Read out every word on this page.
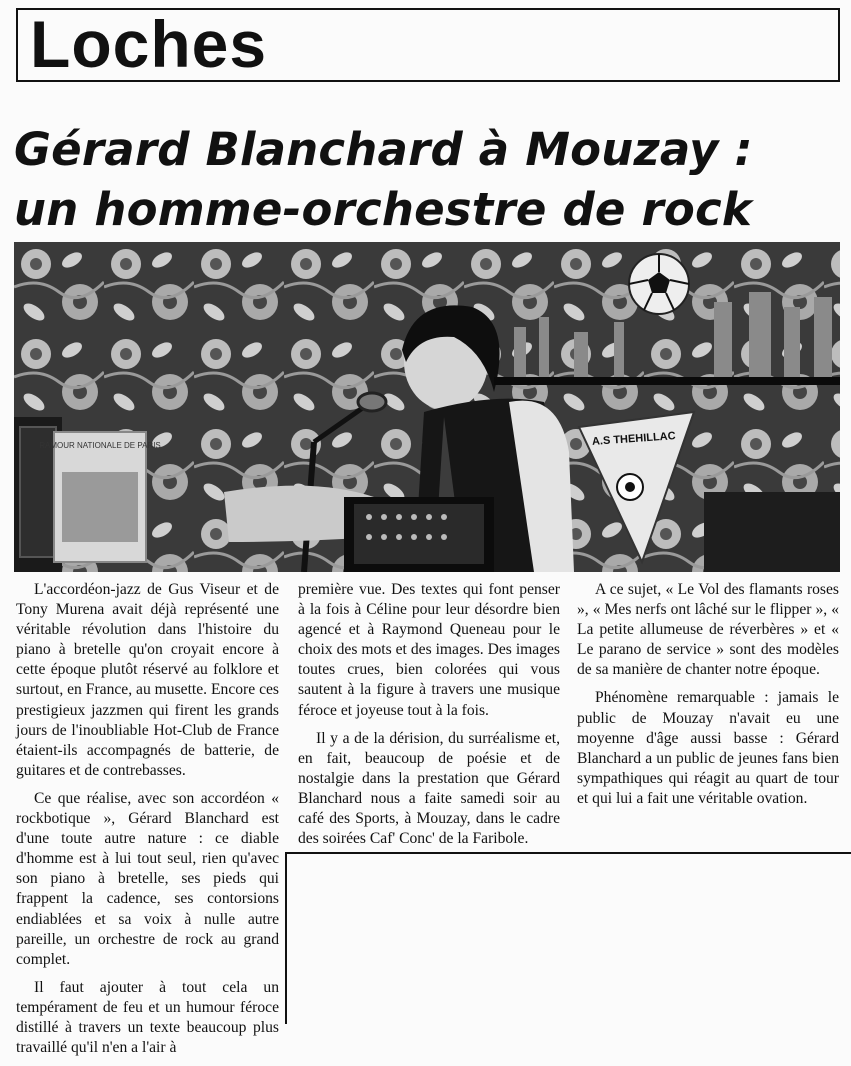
Loches
Gérard Blanchard à Mouzay :
un homme-orchestre de rock
RAMOUR NATIONALE DE PARIS	A.S THEHILLAC

L'accordéon-jazz de Gus Viseur et de Tony Murena avait déjà représenté une véritable révolution dans l'histoire du piano à bretelle qu'on croyait encore à cette époque plutôt réservé au folklore et surtout, en France, au musette. Encore ces prestigieux jazzmen qui firent les grands jours de l'inoubliable Hot-Club de France étaient-ils accompagnés de batterie, de guitares et de contrebasses.

Ce que réalise, avec son accordéon « rockbotique », Gérard Blanchard est d'une toute autre nature : ce diable d'homme est à lui tout seul, rien qu'avec son piano à bretelle, ses pieds qui frappent la cadence, ses contorsions endiablées et sa voix à nulle autre pareille, un orchestre de rock au grand complet.

Il faut ajouter à tout cela un tempérament de feu et un humour féroce distillé à travers un texte beaucoup plus travaillé qu'il n'en a l'air à

première vue. Des textes qui font penser à la fois à Céline pour leur désordre bien agencé et à Raymond Queneau pour le choix des mots et des images. Des images toutes crues, bien colorées qui vous sautent à la figure à travers une musique féroce et joyeuse tout à la fois.

Il y a de la dérision, du surréalisme et, en fait, beaucoup de poésie et de nostalgie dans la prestation que Gérard Blanchard nous a faite samedi soir au café des Sports, à Mouzay, dans le cadre des soirées Caf' Conc' de la Faribole.

A ce sujet, « Le Vol des flamants roses », « Mes nerfs ont lâché sur le flipper », « La petite allumeuse de réverbères » et « Le parano de service » sont des modèles de sa manière de chanter notre époque.

Phénomène remarquable : jamais le public de Mouzay n'avait eu une moyenne d'âge aussi basse : Gérard Blanchard a un public de jeunes fans bien sympathiques qui réagit au quart de tour et qui lui a fait une véritable ovation.
